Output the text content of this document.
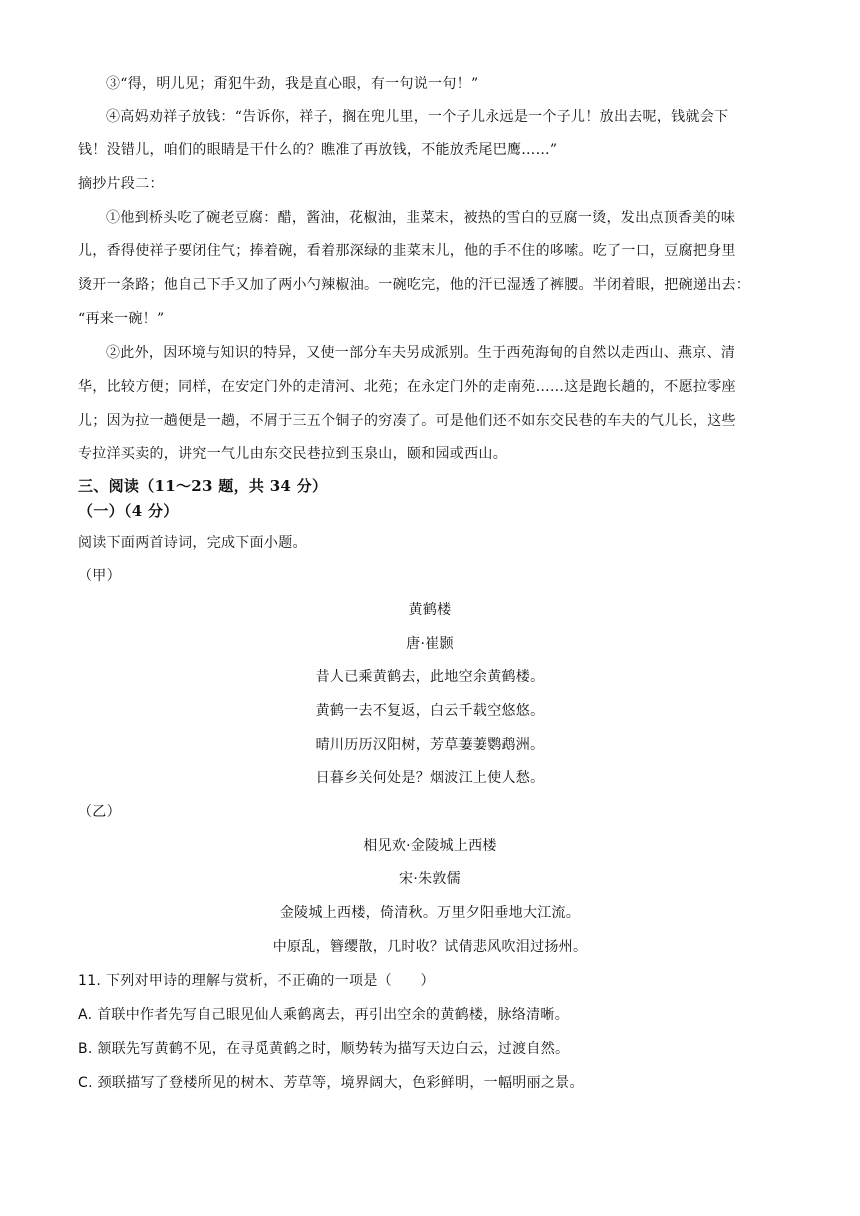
③“得，明儿见；甭犯牛劲，我是直心眼，有一句说一句！”
④高妈劝祥子放钱：“告诉你，祥子，搁在兜儿里，一个子儿永远是一个子儿！放出去呢，钱就会下
钱！没错儿，咱们的眼睛是干什么的？瞧准了再放钱，不能放秃尾巴鹰……”
摘抄片段二：
①他到桥头吃了碗老豆腐：醋，酱油，花椒油，韭菜末，被热的雪白的豆腐一烫，发出点顶香美的味
儿，香得使祥子要闭住气；捧着碗，看着那深绿的韭菜末儿，他的手不住的哆嗦。吃了一口，豆腐把身里
烫开一条路；他自己下手又加了两小勺辣椒油。一碗吃完，他的汗已湿透了裤腰。半闭着眼，把碗递出去：
“再来一碗！”
②此外，因环境与知识的特异，又使一部分车夫另成派别。生于西苑海甸的自然以走西山、燕京、清
华，比较方便；同样，在安定门外的走清河、北苑；在永定门外的走南苑……这是跑长趟的，不愿拉零座
儿；因为拉一趟便是一趟，不屑于三五个铜子的穷凑了。可是他们还不如东交民巷的车夫的气儿长，这些
专拉洋买卖的，讲究一气儿由东交民巷拉到玉泉山，颐和园或西山。
三、阅读（11～23 题，共 34 分）
（一）（4 分）
阅读下面两首诗词，完成下面小题。
（甲）
黄鹤楼
唐·崔颢
昔人已乘黄鹤去，此地空余黄鹤楼。
黄鹤一去不复返，白云千载空悠悠。
晴川历历汉阳树，芳草萋萋鹦鹉洲。
日暮乡关何处是？烟波江上使人愁。
（乙）
相见欢·金陵城上西楼
宋·朱敦儒
金陵城上西楼，倚清秋。万里夕阳垂地大江流。
中原乱，簪缨散，几时收？试倩悲风吹泪过扬州。
11. 下列对甲诗的理解与赏析，不正确的一项是（　　）
A. 首联中作者先写自己眼见仙人乘鹤离去，再引出空余的黄鹤楼，脉络清晰。
B. 颔联先写黄鹤不见，在寻觅黄鹤之时，顺势转为描写天边白云，过渡自然。
C. 颈联描写了登楼所见的树木、芳草等，境界阔大，色彩鲜明，一幅明丽之景。
